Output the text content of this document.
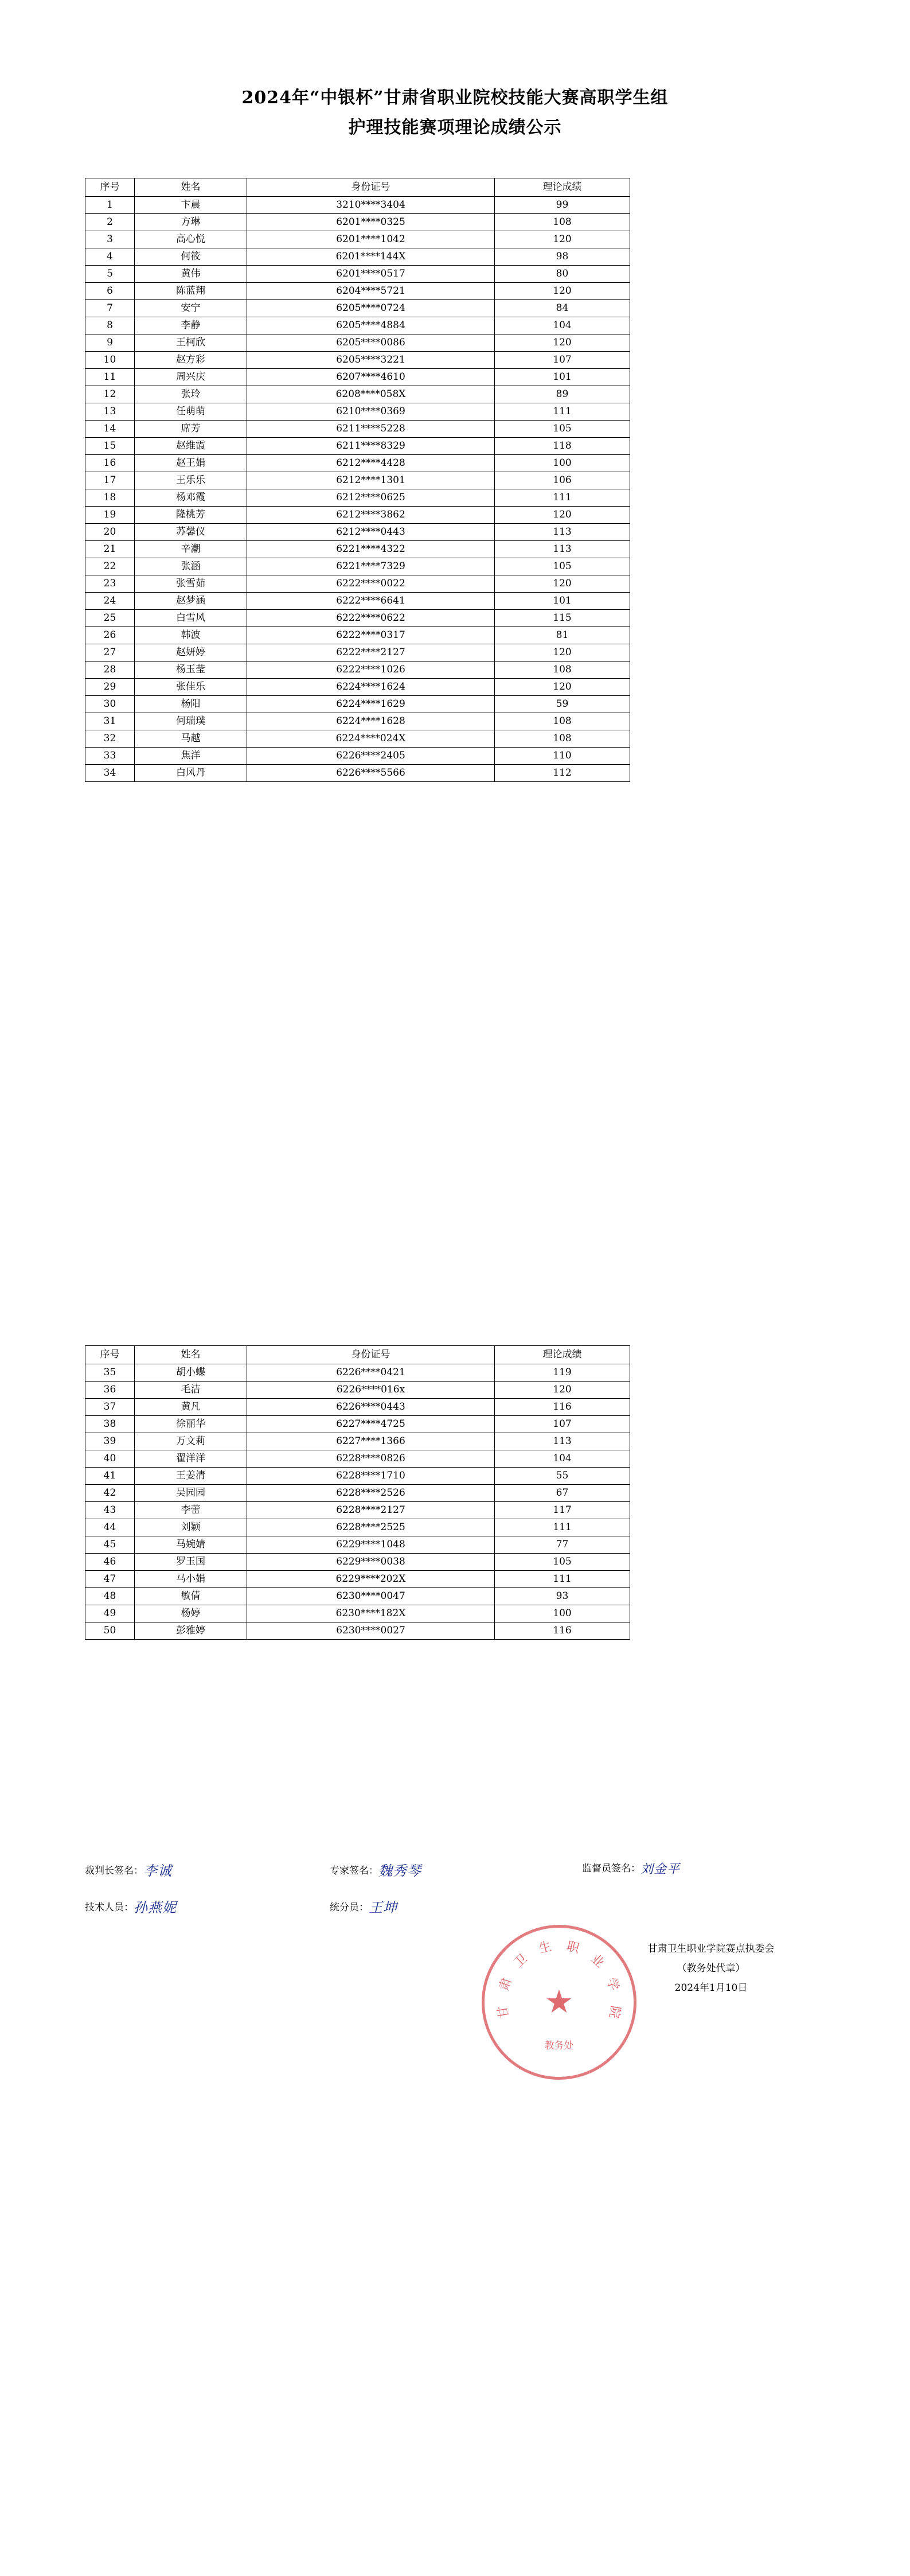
2024年“中银杯”甘肃省职业院校技能大赛高职学生组
护理技能赛项理论成绩公示
序号	姓名	身份证号	理论成绩
1	卞晨	3210****3404	99
2	方琳	6201****0325	108
3	高心悦	6201****1042	120
4	何筱	6201****144X	98
5	黄伟	6201****0517	80
6	陈蓝翔	6204****5721	120
7	安宁	6205****0724	84
8	李静	6205****4884	104
9	王柯欣	6205****0086	120
10	赵方彩	6205****3221	107
11	周兴庆	6207****4610	101
12	张玲	6208****058X	89
13	任萌萌	6210****0369	111
14	席芳	6211****5228	105
15	赵维霞	6211****8329	118
16	赵王娟	6212****4428	100
17	王乐乐	6212****1301	106
18	杨邓霞	6212****0625	111
19	隆桃芳	6212****3862	120
20	苏馨仪	6212****0443	113
21	辛潮	6221****4322	113
22	张涵	6221****7329	105
23	张雪茹	6222****0022	120
24	赵梦涵	6222****6641	101
25	白雪风	6222****0622	115
26	韩波	6222****0317	81
27	赵妍婷	6222****2127	120
28	杨玉莹	6222****1026	108
29	张佳乐	6224****1624	120
30	杨阳	6224****1629	59
31	何瑞璞	6224****1628	108
32	马越	6224****024X	108
33	焦洋	6226****2405	110
34	白风丹	6226****5566	112
序号	姓名	身份证号	理论成绩
35	胡小蝶	6226****0421	119
36	毛洁	6226****016x	120
37	黄凡	6226****0443	116
38	徐丽华	6227****4725	107
39	万文莉	6227****1366	113
40	翟洋洋	6228****0826	104
41	王姜清	6228****1710	55
42	吴园园	6228****2526	67
43	李蕾	6228****2127	117
44	刘颖	6228****2525	111
45	马婉婧	6229****1048	77
46	罗玉国	6229****0038	105
47	马小娟	6229****202X	111
48	敏倩	6230****0047	93
49	杨婷	6230****182X	100
50	彭雅婷	6230****0027	116
裁判长签名：李诚	专家签名：魏秀琴	监督员签名：刘金平
技术人员：孙燕妮	统分员：王坤
甘肃卫生职业学院赛点执委会
（教务处代章）
2024年1月10日
甘
肃
卫
生 职
业
学
院
★
教务处
